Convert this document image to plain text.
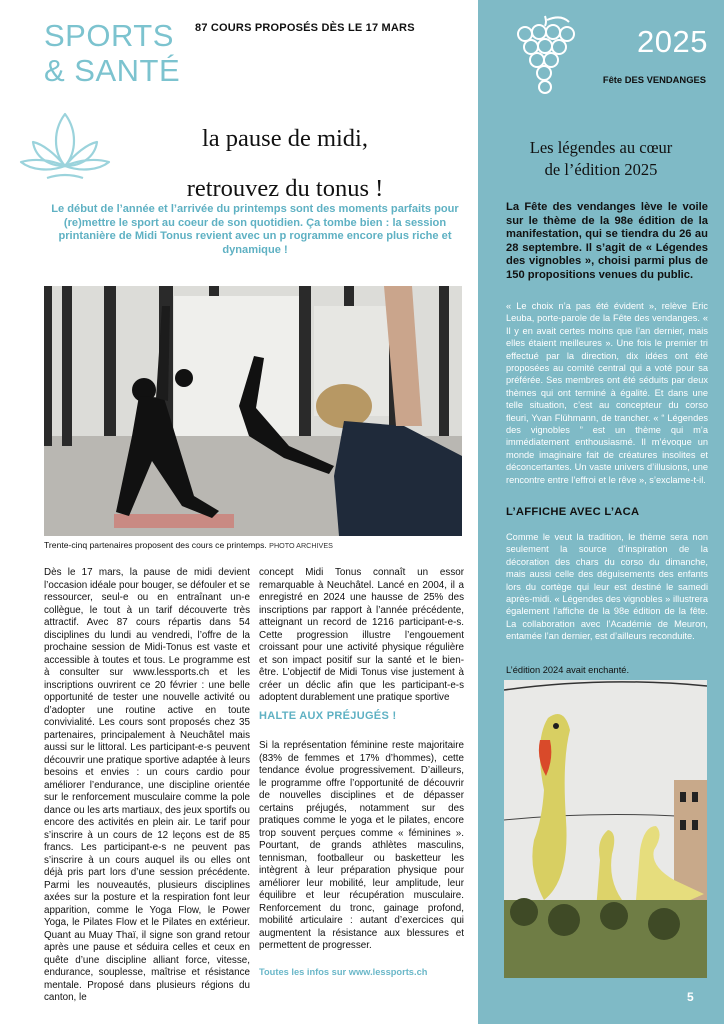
SPORTS
& SANTÉ
87 COURS PROPOSÉS DÈS LE 17 MARS
la pause de midi,
retrouvez du tonus !
Le début de l’année et l’arrivée du printemps sont des moments parfaits pour (re)mettre le sport au coeur de son quotidien. Ça tombe bien : la session printanière de Midi Tonus revient avec un p rogramme encore plus riche et dynamique !
Trente-cinq partenaires proposent des cours ce printemps. PHOTO ARCHIVES
Dès le 17 mars, la pause de midi devient l’occasion idéale pour bouger, se défouler et se ressourcer, seul-e ou en entraînant un-e collègue, le tout à un tarif découverte très attractif. Avec 87 cours répartis dans 54 disciplines du lundi au vendredi, l’offre de la prochaine session de Midi-Tonus est vaste et accessible à toutes et tous. Le programme est à consulter sur www.lessports.ch et les inscriptions ouvrirent ce 20 février : une belle opportunité de tester une nouvelle activité ou d’adopter une routine active en toute convivialité. Les cours sont proposés chez 35 partenaires, principalement à Neuchâtel mais aussi sur le littoral. Les participant-e-s peuvent découvrir une pratique sportive adaptée à leurs besoins et envies : un cours cardio pour améliorer l’endurance, une discipline orientée sur le renforcement musculaire comme la pole dance ou les arts martiaux, des jeux sportifs ou encore des activités en plein air. Le tarif pour s’inscrire à un cours de 12 leçons est de 85 francs. Les participant-e-s ne peuvent pas s’inscrire à un cours auquel ils ou elles ont déjà pris part lors d’une session précédente. Parmi les nouveautés, plusieurs disciplines axées sur la posture et la respiration font leur apparition, comme le Yoga Flow, le Power Yoga, le Pilates Flow et le Pilates en extérieur. Quant au Muay Thaï, il signe son grand retour après une pause et séduira celles et ceux en quête d’une discipline alliant force, vitesse, endurance, souplesse, maîtrise et résistance mentale. Proposé dans plusieurs régions du canton, le

concept Midi Tonus connaît un essor remarquable à Neuchâtel. Lancé en 2004, il a enregistré en 2024 une hausse de 25% des inscriptions par rapport à l’année précédente, atteignant un record de 1216 participant-e-s. Cette progression illustre l’engouement croissant pour une activité physique régulière et son impact positif sur la santé et le bien-être. L’objectif de Midi Tonus vise justement à créer un déclic afin que les participant-e-s adoptent durablement une pratique sportive

HALTE AUX PRÉJUGÉS !
Si la représentation féminine reste majoritaire (83% de femmes et 17% d’hommes), cette tendance évolue progressivement. D’ailleurs, le programme offre l’opportunité de découvrir de nouvelles disciplines et de dépasser certains préjugés, notamment sur des pratiques comme le yoga et le pilates, encore trop souvent perçues comme « féminines ». Pourtant, de grands athlètes masculins, tennisman, footballeur ou basketteur les intègrent à leur préparation physique pour améliorer leur mobilité, leur amplitude, leur équilibre et leur récupération musculaire. Renforcement du tronc, gainage profond, mobilité articulaire : autant d’exercices qui augmentent la résistance aux blessures et permettent de progresser.
Toutes les infos sur www.lessports.ch
2025
Fête DES VENDANGES
Les légendes au cœur
de l’édition 2025
La Fête des vendanges lève le voile sur le thème de la 98e édition de la manifestation, qui se tiendra du 26 au 28 septembre. Il s’agit de « Légendes des vignobles », choisi parmi plus de 150 propositions venues du public.
« Le choix n’a pas été évident », relève Eric Leuba, porte-parole de la Fête des vendanges. « Il y en avait certes moins que l’an dernier, mais elles étaient meilleures ». Une fois le premier tri effectué par la direction, dix idées ont été proposées au comité central qui a voté pour sa préférée. Ses membres ont été séduits par deux thèmes qui ont terminé à égalité. Et dans une telle situation, c’est au concepteur du corso fleuri, Yvan Flühmann, de trancher. « “ Légendes des vignobles ” est un thème qui m’a immédiatement enthousiasmé. Il m’évoque un monde imaginaire fait de créatures insolites et déconcertantes. Un vaste univers d’illusions, une rencontre entre l’effroi et le rêve », s’exclame-t-il.
L’AFFICHE AVEC L’ACA
Comme le veut la tradition, le thème sera non seulement la source d’inspiration de la décoration des chars du corso du dimanche, mais aussi celle des déguisements des enfants lors du cortège qui leur est destiné le samedi après-midi. « Légendes des vignobles » illustrera également l’affiche de la 98e édition de la fête. La collaboration avec l’Académie de Meuron, entamée l’an dernier, est d’ailleurs reconduite.
L’édition 2024 avait enchanté.
5
